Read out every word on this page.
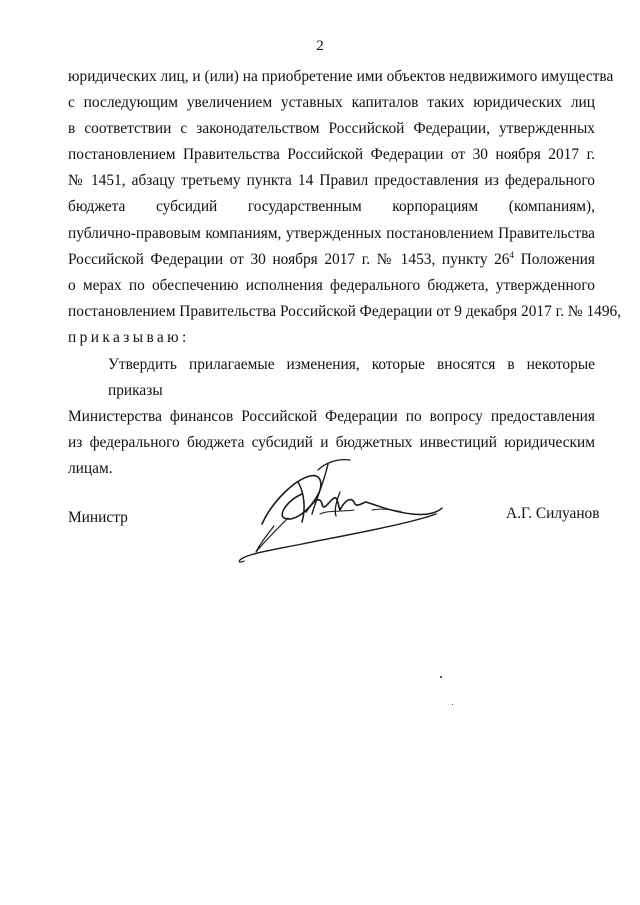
2
юридических лиц, и (или) на приобретение ими объектов недвижимого имущества
с последующим увеличением уставных капиталов таких юридических лиц
в соответствии с законодательством Российской Федерации, утвержденных
постановлением Правительства Российской Федерации от 30 ноября 2017 г.
№ 1451, абзацу третьему пункта 14 Правил предоставления из федерального
бюджета субсидий государственным корпорациям (компаниям),
публично-правовым компаниям, утвержденных постановлением Правительства
Российской Федерации от 30 ноября 2017 г. № 1453, пункту $26^4$ Положения
о мерах по обеспечению исполнения федерального бюджета, утвержденного
постановлением Правительства Российской Федерации от 9 декабря 2017 г. № 1496,
приказываю:
Утвердить прилагаемые изменения, которые вносятся в некоторые приказы
Министерства финансов Российской Федерации по вопросу предоставления
из федерального бюджета субсидий и бюджетных инвестиций юридическим
лицам.
Министр	А.Г. Силуанов
